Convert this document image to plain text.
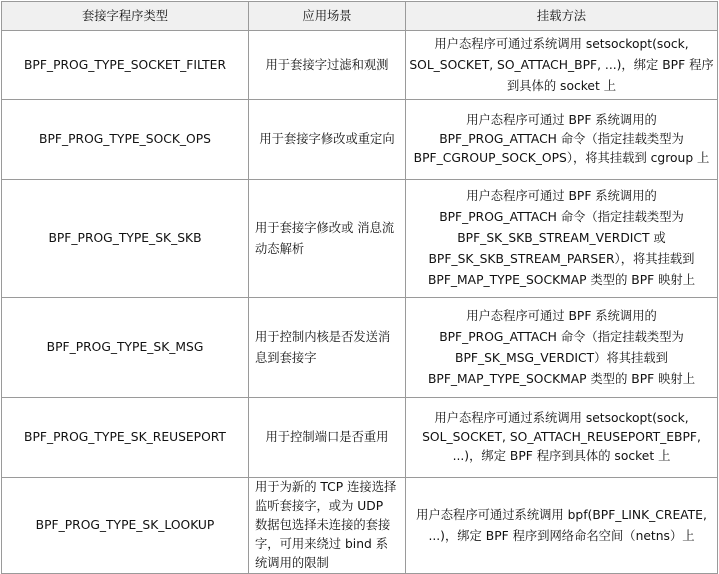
套接字程序类型	应用场景	挂载方法
BPF_PROG_TYPE_SOCKET_FILTER	用于套接字过滤和观测	用户态程序可通过系统调用 setsockopt(sock, SOL_SOCKET, SO_ATTACH_BPF, ...)，绑定 BPF 程序到具体的 socket 上
BPF_PROG_TYPE_SOCK_OPS	用于套接字修改或重定向	用户态程序可通过 BPF 系统调用的 BPF_PROG_ATTACH 命令（指定挂载类型为 BPF_CGROUP_SOCK_OPS），将其挂载到 cgroup 上
BPF_PROG_TYPE_SK_SKB	用于套接字修改或 消息流动态解析	用户态程序可通过 BPF 系统调用的 BPF_PROG_ATTACH 命令（指定挂载类型为 BPF_SK_SKB_STREAM_VERDICT 或 BPF_SK_SKB_STREAM_PARSER），将其挂载到 BPF_MAP_TYPE_SOCKMAP 类型的 BPF 映射上
BPF_PROG_TYPE_SK_MSG	用于控制内核是否发送消息到套接字	用户态程序可通过 BPF 系统调用的 BPF_PROG_ATTACH 命令（指定挂载类型为 BPF_SK_MSG_VERDICT）将其挂载到 BPF_MAP_TYPE_SOCKMAP 类型的 BPF 映射上
BPF_PROG_TYPE_SK_REUSEPORT	用于控制端口是否重用	用户态程序可通过系统调用 setsockopt(sock, SOL_SOCKET, SO_ATTACH_REUSEPORT_EBPF, ...)，绑定 BPF 程序到具体的 socket 上
BPF_PROG_TYPE_SK_LOOKUP	用于为新的 TCP 连接选择监听套接字，或为 UDP 数据包选择未连接的套接字，可用来绕过 bind 系统调用的限制	用户态程序可通过系统调用 bpf(BPF_LINK_CREATE, ...)，绑定 BPF 程序到网络命名空间（netns）上
